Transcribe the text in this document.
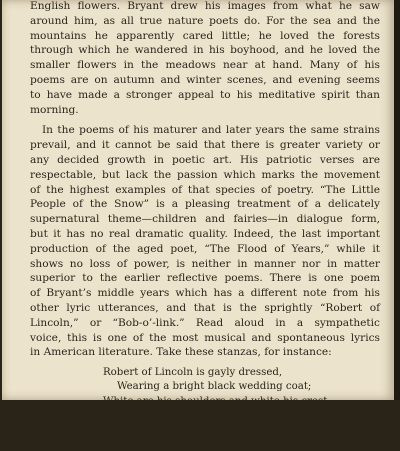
English flowers. Bryant drew his images from what he saw
around him, as all true nature poets do. For the sea and the
mountains he apparently cared little; he loved the forests
through which he wandered in his boyhood, and he loved the
smaller flowers in the meadows near at hand. Many of his
poems are on autumn and winter scenes, and evening seems
to have made a stronger appeal to his meditative spirit than
morning.
In the poems of his maturer and later years the same strains
prevail, and it cannot be said that there is greater variety or
any decided growth in poetic art. His patriotic verses are
respectable, but lack the passion which marks the movement
of the highest examples of that species of poetry. “The Little
People of the Snow” is a pleasing treatment of a delicately
supernatural theme—children and fairies—in dialogue form,
but it has no real dramatic quality. Indeed, the last important
production of the aged poet, “The Flood of Years,” while it
shows no loss of power, is neither in manner nor in matter
superior to the earlier reflective poems. There is one poem
of Bryant’s middle years which has a different note from his
other lyric utterances, and that is the sprightly “Robert of
Lincoln,” or “Bob-o’-link.” Read aloud in a sympathetic
voice, this is one of the most musical and spontaneous lyrics
in American literature. Take these stanzas, for instance:
Robert of Lincoln is gayly dressed,
Wearing a bright black wedding coat;
White are his shoulders and white his crest,
Hear him call in his merry note:
Bob-o’-link, bob-o’-link,
Spink, spank, spink;
